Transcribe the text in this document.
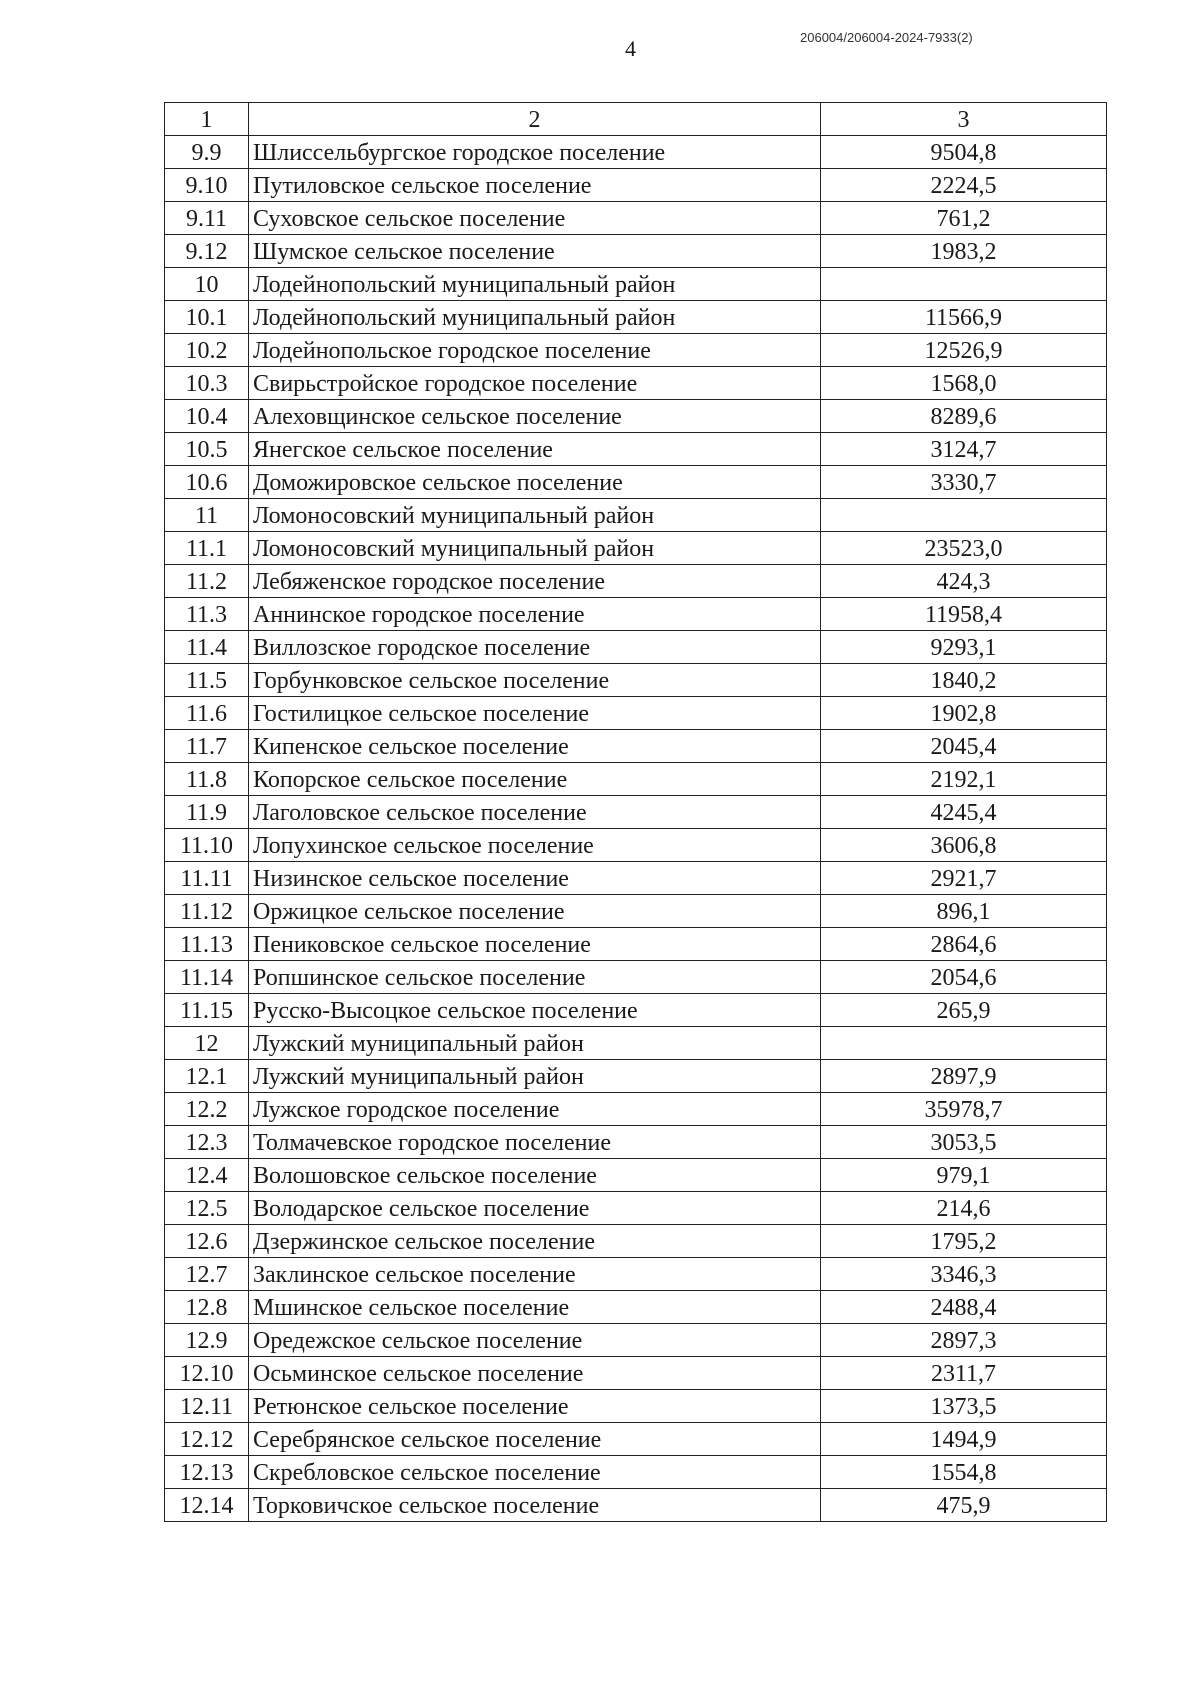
4	206004/206004-2024-7933(2)
1	2	3
9.9	Шлиссельбургское городское поселение	9504,8
9.10	Путиловское сельское поселение	2224,5
9.11	Суховское сельское поселение	761,2
9.12	Шумское сельское поселение	1983,2
10	Лодейнопольский муниципальный район	
10.1	Лодейнопольский муниципальный район	11566,9
10.2	Лодейнопольское городское поселение	12526,9
10.3	Свирьстройское городское поселение	1568,0
10.4	Алеховщинское сельское поселение	8289,6
10.5	Янегское сельское поселение	3124,7
10.6	Доможировское сельское поселение	3330,7
11	Ломоносовский муниципальный район	
11.1	Ломоносовский муниципальный район	23523,0
11.2	Лебяженское городское поселение	424,3
11.3	Аннинское городское поселение	11958,4
11.4	Виллозское городское поселение	9293,1
11.5	Горбунковское сельское поселение	1840,2
11.6	Гостилицкое сельское поселение	1902,8
11.7	Кипенское сельское поселение	2045,4
11.8	Копорское сельское поселение	2192,1
11.9	Лаголовское сельское поселение	4245,4
11.10	Лопухинское сельское поселение	3606,8
11.11	Низинское сельское поселение	2921,7
11.12	Оржицкое сельское поселение	896,1
11.13	Пениковское сельское поселение	2864,6
11.14	Ропшинское сельское поселение	2054,6
11.15	Русско-Высоцкое сельское поселение	265,9
12	Лужский муниципальный район	
12.1	Лужский муниципальный район	2897,9
12.2	Лужское городское поселение	35978,7
12.3	Толмачевское городское поселение	3053,5
12.4	Волошовское сельское поселение	979,1
12.5	Володарское сельское поселение	214,6
12.6	Дзержинское сельское поселение	1795,2
12.7	Заклинское сельское поселение	3346,3
12.8	Мшинское сельское поселение	2488,4
12.9	Оредежское сельское поселение	2897,3
12.10	Осьминское сельское поселение	2311,7
12.11	Ретюнское сельское поселение	1373,5
12.12	Серебрянское сельское поселение	1494,9
12.13	Скребловское сельское поселение	1554,8
12.14	Торковичское сельское поселение	475,9
